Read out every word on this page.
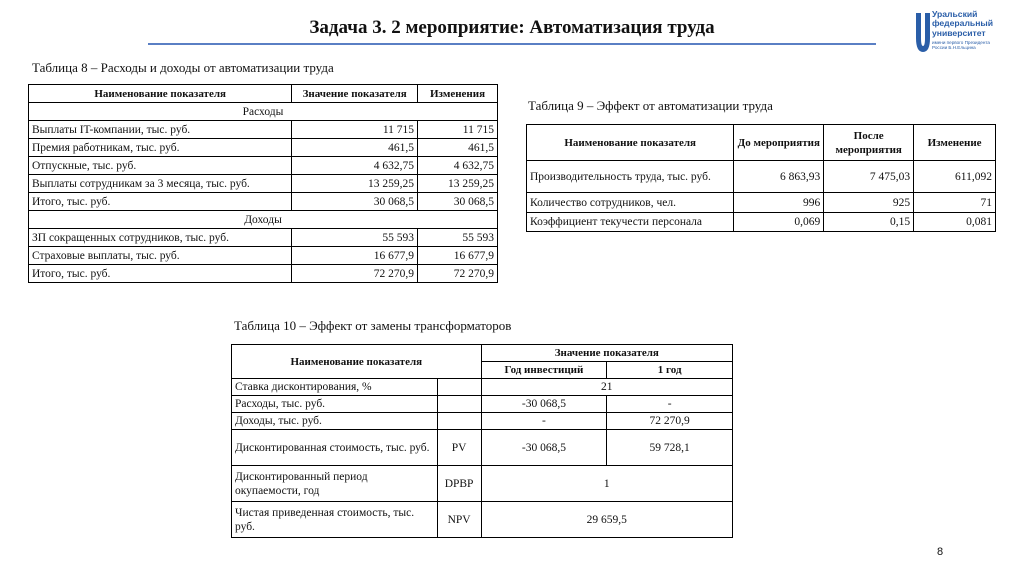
Задача 3. 2 мероприятие: Автоматизация труда
Уральский
федеральный
университет
имени первого Президента
России Б.Н.Ельцина
Таблица 8 – Расходы и доходы от автоматизации труда
Наименование показателя	Значение показателя	Изменения
Расходы		
Выплаты IT-компании, тыс. руб.	11 715	11 715
Премия работникам, тыс. руб.	461,5	461,5
Отпускные, тыс. руб.	4 632,75	4 632,75
Выплаты сотрудникам за 3 месяца, тыс. руб.	13 259,25	13 259,25
Итого, тыс. руб.	30 068,5	30 068,5
Доходы		
ЗП сокращенных сотрудников, тыс. руб.	55 593	55 593
Страховые выплаты, тыс. руб.	16 677,9	16 677,9
Итого, тыс. руб.	72 270,9	72 270,9
Таблица 9 – Эффект от автоматизации труда
Наименование показателя	До мероприятия	После мероприятия	Изменение
Производительность труда, тыс. руб.	6 863,93	7 475,03	611,092
Количество сотрудников, чел.	996	925	71
Коэффициент текучести персонала	0,069	0,15	0,081
Таблица 10 – Эффект от замены трансформаторов
Наименование показателя		Значение показателя	
		Год инвестиций	1 год
Ставка дисконтирования, %		21	
Расходы, тыс. руб.		-30 068,5	-
Доходы, тыс. руб.		-	72 270,9
Дисконтированная стоимость, тыс. руб.	PV	-30 068,5	59 728,1
Дисконтированный период окупаемости, год	DPBP	1	
Чистая приведенная стоимость, тыс. руб.	NPV	29 659,5	
8
